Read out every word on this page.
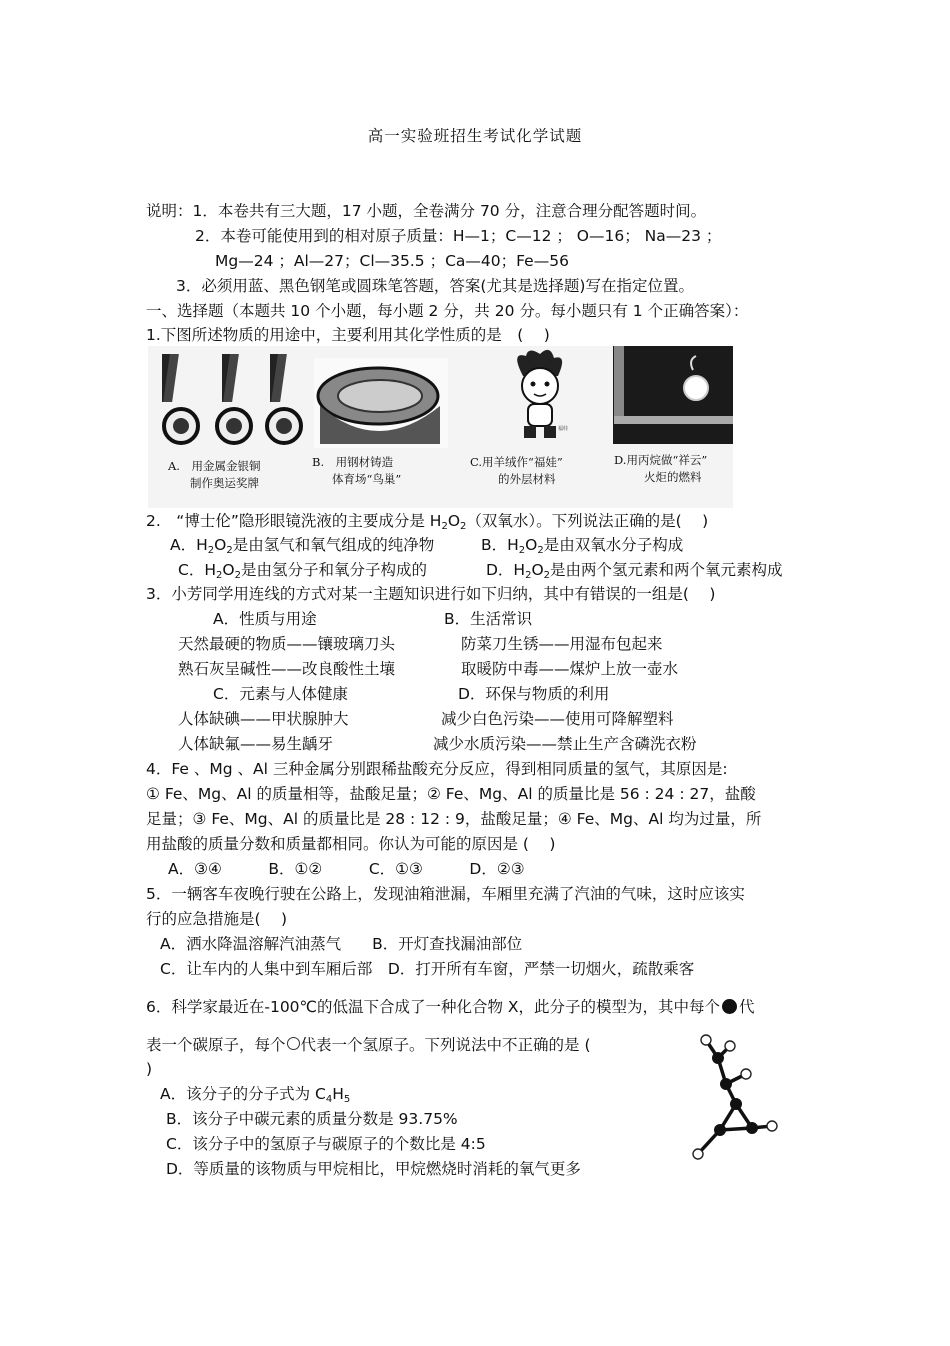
高一实验班招生考试化学试题
说明：1．本卷共有三大题，17 小题，全卷满分 70 分，注意合理分配答题时间。
2．本卷可能使用到的相对原子质量：H—1；C—12 ； O—16； Na—23 ；
Mg—24 ；Al—27；Cl—35.5 ；Ca—40；Fe—56
3．必须用蓝、黑色钢笔或圆珠笔答题，答案(尤其是选择题)写在指定位置。
一、选择题（本题共 10 个小题，每小题 2 分，共 20 分。每小题只有 1 个正确答案）：
1.下图所述物质的用途中，主要利用其化学性质的是　(　 )
福娃
A.　用金属金银铜
制作奥运奖牌
B.　用钢材铸造
体育场“鸟巢”
C.用羊绒作“福娃”
的外层材料
D.用丙烷做“祥云”
火炬的燃料
2.　“博士伦”隐形眼镜洗液的主要成分是 $H_2O_2$（双氧水）。下列说法正确的是(　 )
A．$H_2O_2$是由氢气和氧气组成的纯净物	B．$H_2O_2$是由双氧水分子构成
C．$H_2O_2$是由氢分子和氧分子构成的	D．$H_2O_2$是由两个氢元素和两个氧元素构成
3．小芳同学用连线的方式对某一主题知识进行如下归纳，其中有错误的一组是(　 )
A．性质与用途	B．生活常识
天然最硬的物质——镶玻璃刀头	防菜刀生锈——用湿布包起来
熟石灰呈碱性——改良酸性土壤	取暖防中毒——煤炉上放一壶水
C．元素与人体健康	D．环保与物质的利用
人体缺碘——甲状腺肿大	减少白色污染——使用可降解塑料
人体缺氟——易生龋牙	减少水质污染——禁止生产含磷洗衣粉
4．Fe 、Mg 、Al 三种金属分别跟稀盐酸充分反应，得到相同质量的氢气，其原因是:
① Fe、Mg、Al 的质量相等，盐酸足量；② Fe、Mg、Al 的质量比是 56 : 24 : 27，盐酸
足量；③ Fe、Mg、Al 的质量比是 28 : 12 : 9，盐酸足量；④ Fe、Mg、Al 均为过量，所
用盐酸的质量分数和质量都相同。你认为可能的原因是 (　 )
A．③④　　　B．①②　　　C．①③　　　D．②③
5．一辆客车夜晚行驶在公路上，发现油箱泄漏，车厢里充满了汽油的气味，这时应该实
行的应急措施是(　 )
A．洒水降温溶解汽油蒸气　　B．开灯查找漏油部位
C．让车内的人集中到车厢后部　D．打开所有车窗，严禁一切烟火，疏散乘客
6．科学家最近在-100℃的低温下合成了一种化合物 X，此分子的模型为，其中每个 代
表一个碳原子，每个 代表一个氢原子。下列说法中不正确的是 (
)
A．该分子的分子式为 $C_4H_5$
B．该分子中碳元素的质量分数是 93.75%
C．该分子中的氢原子与碳原子的个数比是 4:5
D．等质量的该物质与甲烷相比，甲烷燃烧时消耗的氧气更多
